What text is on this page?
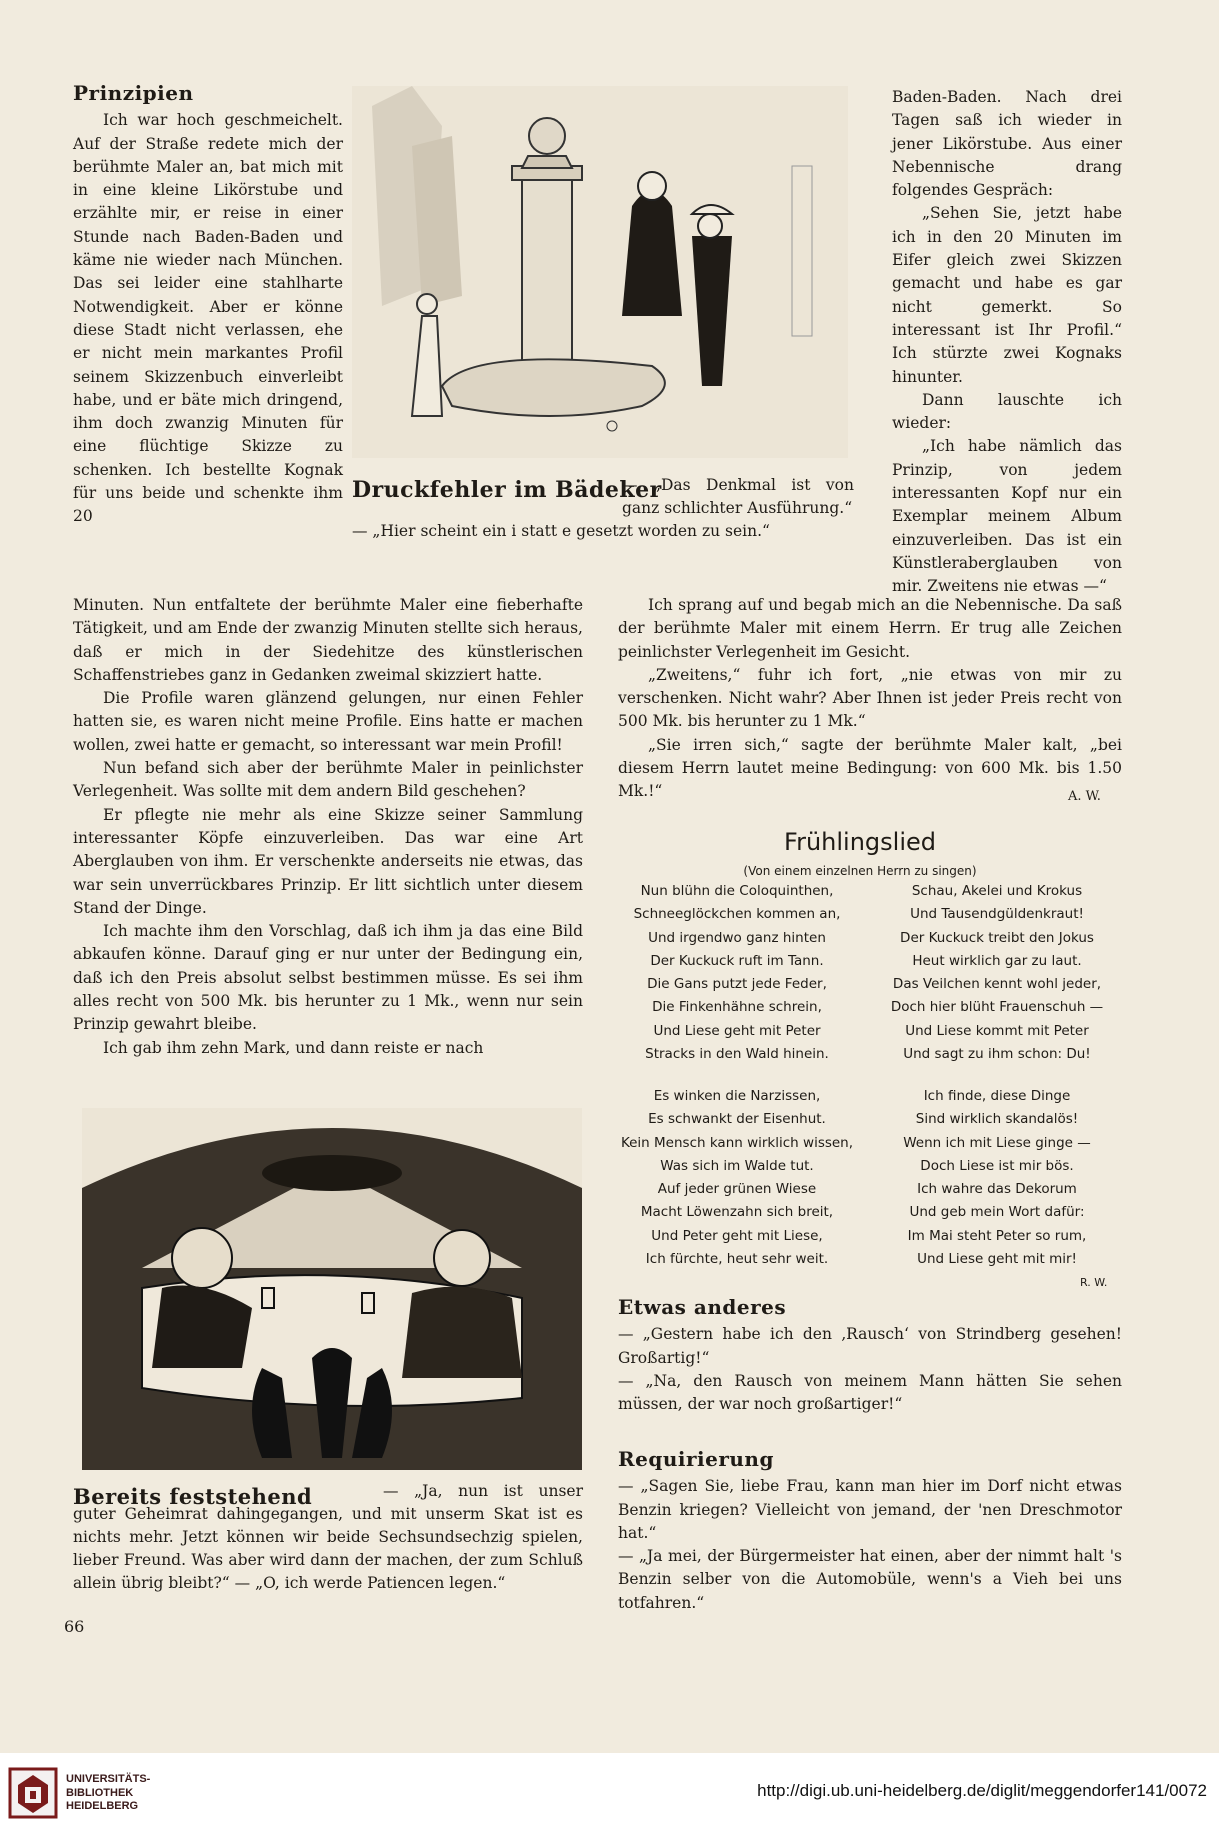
Prinzipien

Ich war hoch geschmeichelt. Auf der Straße redete mich der berühmte Maler an, bat mich mit in eine kleine Likörstube und erzählte mir, er reise in einer Stunde nach Baden-Baden und käme nie wieder nach München. Das sei leider eine stahlharte Notwendigkeit. Aber er könne diese Stadt nicht verlassen, ehe er nicht mein markantes Profil seinem Skizzenbuch einverleibt habe, und er bäte mich dringend, ihm doch zwanzig Minuten für eine flüchtige Skizze zu schenken. Ich bestellte Kognak für uns beide und schenkte ihm 20

Baden-Baden. Nach drei Tagen saß ich wieder in jener Likörstube. Aus einer Nebennische drang folgendes Gespräch:

„Sehen Sie, jetzt habe ich in den 20 Minuten im Eifer gleich zwei Skizzen gemacht und habe es gar nicht gemerkt. So interessant ist Ihr Profil.“ Ich stürzte zwei Kognaks hinunter.

Dann lauschte ich wieder:

„Ich habe nämlich das Prinzip, von jedem interessanten Kopf nur ein Exemplar meinem Album einzuverleiben. Das ist ein Künstleraberglauben von mir. Zweitens nie etwas —“

Druckfehler im Bädeker
— „Das Denkmal ist von ganz schlichter Ausführung.“
— „Hier scheint ein i statt e gesetzt worden zu sein.“

Minuten. Nun entfaltete der berühmte Maler eine fieberhafte Tätigkeit, und am Ende der zwanzig Minuten stellte sich heraus, daß er mich in der Siedehitze des künstlerischen Schaffenstriebes ganz in Gedanken zweimal skizziert hatte.

Die Profile waren glänzend gelungen, nur einen Fehler hatten sie, es waren nicht meine Profile. Eins hatte er machen wollen, zwei hatte er gemacht, so interessant war mein Profil!

Nun befand sich aber der berühmte Maler in peinlichster Verlegenheit. Was sollte mit dem andern Bild geschehen?

Er pflegte nie mehr als eine Skizze seiner Sammlung interessanter Köpfe einzuverleiben. Das war eine Art Aberglauben von ihm. Er verschenkte anderseits nie etwas, das war sein unverrückbares Prinzip. Er litt sichtlich unter diesem Stand der Dinge.

Ich machte ihm den Vorschlag, daß ich ihm ja das eine Bild abkaufen könne. Darauf ging er nur unter der Bedingung ein, daß ich den Preis absolut selbst bestimmen müsse. Es sei ihm alles recht von 500 Mk. bis herunter zu 1 Mk., wenn nur sein Prinzip gewahrt bleibe.

Ich gab ihm zehn Mark, und dann reiste er nach

Ich sprang auf und begab mich an die Nebennische. Da saß der berühmte Maler mit einem Herrn. Er trug alle Zeichen peinlichster Verlegenheit im Gesicht.

„Zweitens,“ fuhr ich fort, „nie etwas von mir zu verschenken. Nicht wahr? Aber Ihnen ist jeder Preis recht von 500 Mk. bis herunter zu 1 Mk.“

„Sie irren sich,“ sagte der berühmte Maler kalt, „bei diesem Herrn lautet meine Bedingung: von 600 Mk. bis 1.50 Mk.!“	A. W.
Frühlingslied
(Von einem einzelnen Herrn zu singen)
Nun blühn die Coloquinthen,
Schneeglöckchen kommen an,
Und irgendwo ganz hinten
Der Kuckuck ruft im Tann.
Die Gans putzt jede Feder,
Die Finkenhähne schrein,
Und Liese geht mit Peter
Stracks in den Wald hinein.
Schau, Akelei und Krokus
Und Tausendgüldenkraut!
Der Kuckuck treibt den Jokus
Heut wirklich gar zu laut.
Das Veilchen kennt wohl jeder,
Doch hier blüht Frauenschuh —
Und Liese kommt mit Peter
Und sagt zu ihm schon: Du!
Es winken die Narzissen,
Es schwankt der Eisenhut.
Kein Mensch kann wirklich wissen,
Was sich im Walde tut.
Auf jeder grünen Wiese
Macht Löwenzahn sich breit,
Und Peter geht mit Liese,
Ich fürchte, heut sehr weit.
Ich finde, diese Dinge
Sind wirklich skandalös!
Wenn ich mit Liese ginge —
Doch Liese ist mir bös.
Ich wahre das Dekorum
Und geb mein Wort dafür:
Im Mai steht Peter so rum,
Und Liese geht mit mir!
R. W.
Etwas anderes

— „Gestern habe ich den ‚Rausch‘ von Strindberg gesehen! Großartig!“

— „Na, den Rausch von meinem Mann hätten Sie sehen müssen, der war noch großartiger!“

Requirierung

— „Sagen Sie, liebe Frau, kann man hier im Dorf nicht etwas Benzin kriegen? Vielleicht von jemand, der 'nen Dreschmotor hat.“

— „Ja mei, der Bürgermeister hat einen, aber der nimmt halt 's Benzin selber von die Automobüle, wenn's a Vieh bei uns totfahren.“

Bereits feststehend	— „Ja, nun ist unser guter Geheimrat dahingegangen, und mit unserm Skat ist es nichts mehr. Jetzt können wir beide Sechsundsechzig spielen, lieber Freund. Was aber wird dann der machen, der zum Schluß allein übrig bleibt?“ — „O, ich werde Patiencen legen.“
66
UNIVERSITÄTS-
BIBLIOTHEK
HEIDELBERG
http://digi.ub.uni-heidelberg.de/diglit/meggendorfer141/0072
